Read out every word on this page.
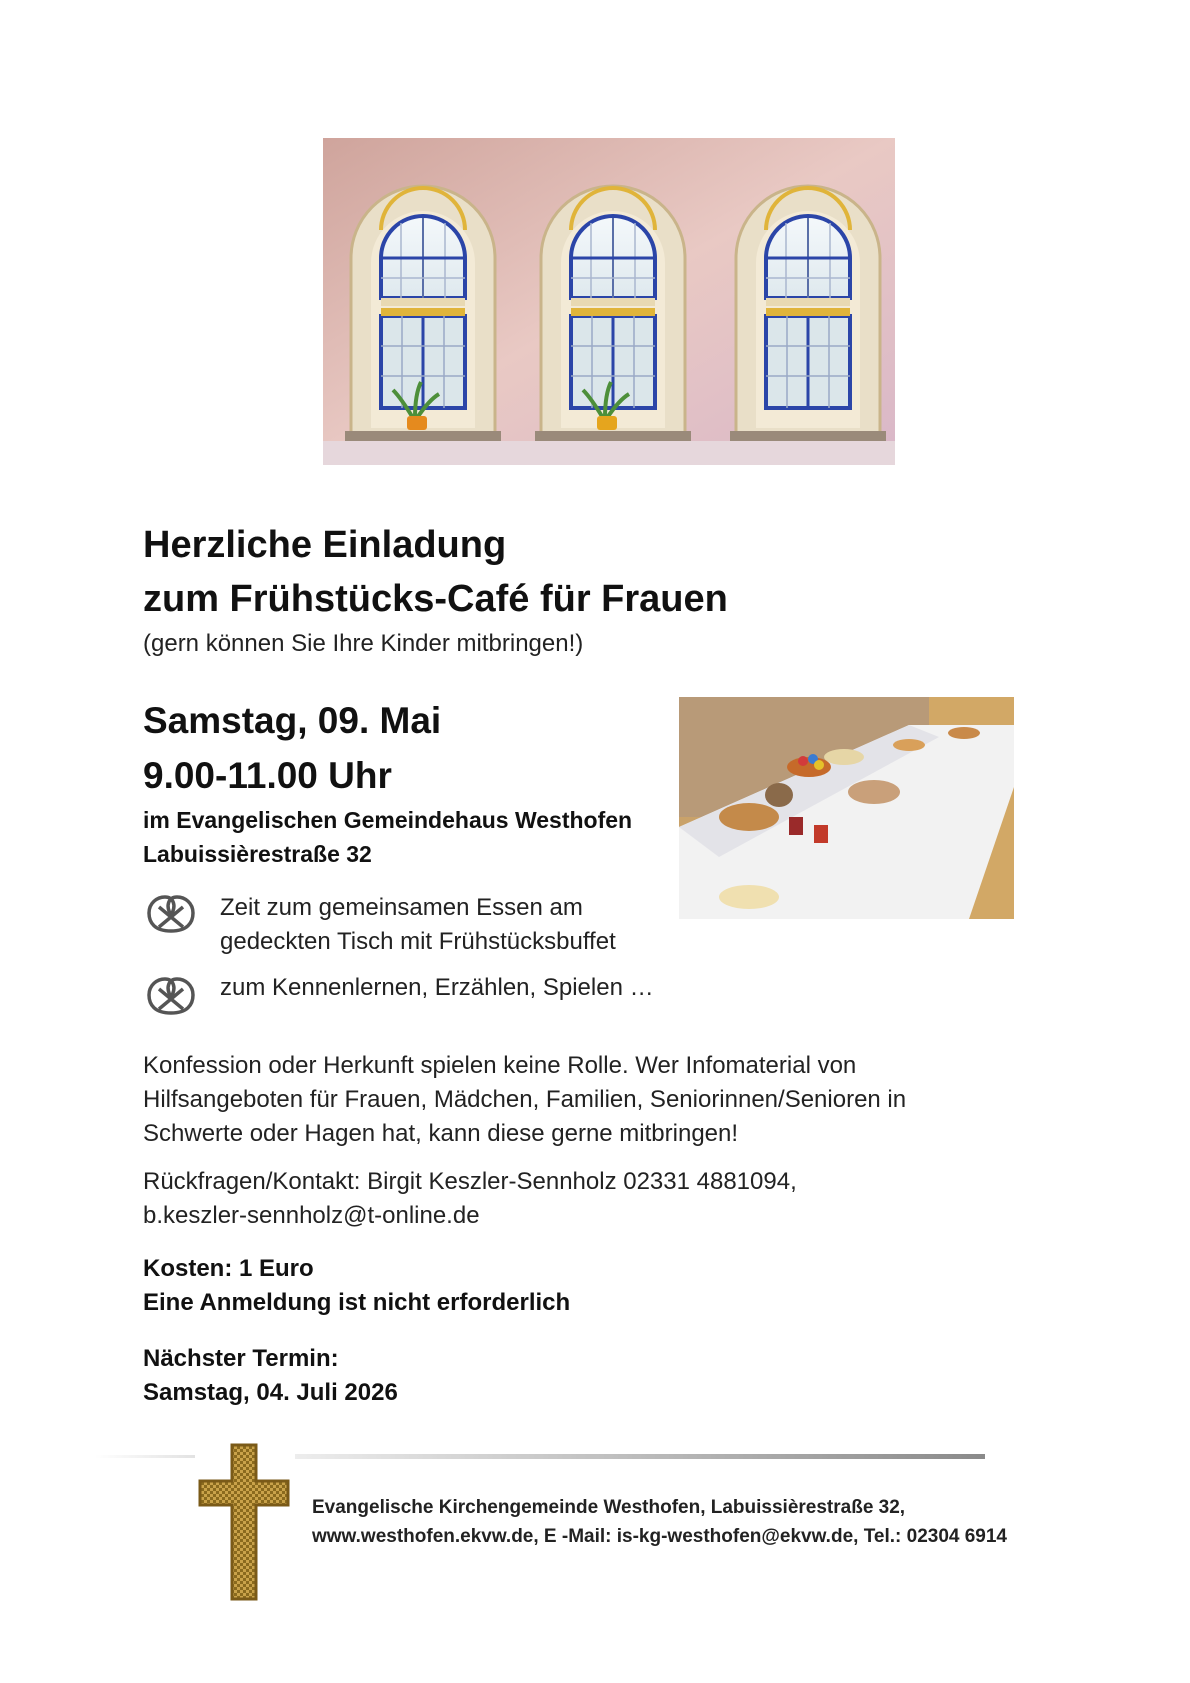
Herzliche Einladung
zum Frühstücks-Café für Frauen
(gern können Sie Ihre Kinder mitbringen!)
Samstag, 09. Mai
9.00-11.00 Uhr
im Evangelischen Gemeindehaus Westhofen
Labuissièrestraße 32
Zeit zum gemeinsamen Essen am
gedeckten Tisch mit Frühstücksbuffet
zum Kennenlernen, Erzählen, Spielen …
Konfession oder Herkunft spielen keine Rolle. Wer Infomaterial von
Hilfsangeboten für Frauen, Mädchen, Familien, Seniorinnen/Senioren in
Schwerte oder Hagen hat, kann diese gerne mitbringen!
Rückfragen/Kontakt: Birgit Keszler-Sennholz 02331 4881094,
b.keszler-sennholz@t-online.de
Kosten: 1 Euro
Eine Anmeldung ist nicht erforderlich
Nächster Termin:
Samstag, 04. Juli 2026
Evangelische Kirchengemeinde Westhofen, Labuissièrestraße 32,
www.westhofen.ekvw.de, E -Mail: is-kg-westhofen@ekvw.de, Tel.: 02304 6914
